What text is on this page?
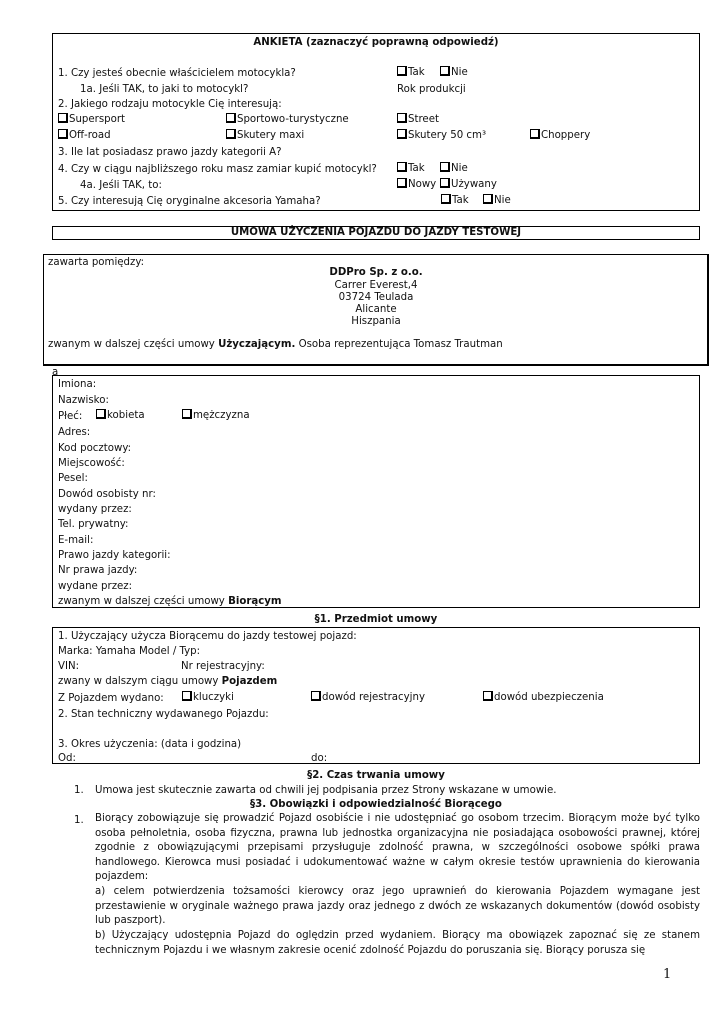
ANKIETA (zaznaczyć poprawną odpowiedź)
1. Czy jesteś obecnie właścicielem motocykla?	Tak	Nie
1a. Jeśli TAK, to jaki to motocykl?	Rok produkcji
2. Jakiego rodzaju motocykle Cię interesują:
Supersport	Sportowo-turystyczne	Street
Off-road	Skutery maxi	Skutery 50 cm³	Choppery
3. Ile lat posiadasz prawo jazdy kategorii A?
4. Czy w ciągu najbliższego roku masz zamiar kupić motocykl?	Tak	Nie
4a. Jeśli TAK, to:	Nowy	Używany
5. Czy interesują Cię oryginalne akcesoria Yamaha?	Tak	Nie
UMOWA UŻYCZENIA POJAZDU DO JAZDY TESTOWEJ
zawarta pomiędzy:
DDPro Sp. z o.o.
Carrer Everest,4
03724 Teulada
Alicante
Hiszpania
zwanym w dalszej części umowy Użyczającym. Osoba reprezentująca Tomasz Trautman
a
Imiona:
Nazwisko:
Płeć:	kobieta	mężczyzna
Adres:
Kod pocztowy:
Miejscowość:
Pesel:
Dowód osobisty nr:
wydany przez:
Tel. prywatny:
E-mail:
Prawo jazdy kategorii:
Nr prawa jazdy:
wydane przez:
zwanym w dalszej części umowy Biorącym
§1. Przedmiot umowy
1. Użyczający użycza Biorącemu do jazdy testowej pojazd:
Marka: Yamaha Model / Typ:
VIN:	Nr rejestracyjny:
zwany w dalszym ciągu umowy Pojazdem
Z Pojazdem wydano:	kluczyki	dowód rejestracyjny	dowód ubezpieczenia
2. Stan techniczny wydawanego Pojazdu:
3. Okres użyczenia: (data i godzina)
Od:	do:
§2. Czas trwania umowy
1. Umowa jest skutecznie zawarta od chwili jej podpisania przez Strony wskazane w umowie.
§3. Obowiązki i odpowiedzialność Biorącego
1. Biorący zobowiązuje się prowadzić Pojazd osobiście i nie udostępniać go osobom trzecim. Biorącym może być tylko osoba pełnoletnia, osoba fizyczna, prawna lub jednostka organizacyjna nie posiadająca osobowości prawnej, której zgodnie z obowiązującymi przepisami przysługuje zdolność prawna, w szczególności osobowe spółki prawa handlowego. Kierowca musi posiadać i udokumentować ważne w całym okresie testów uprawnienia do kierowania pojazdem:
a) celem potwierdzenia tożsamości kierowcy oraz jego uprawnień do kierowania Pojazdem wymagane jest przestawienie w oryginale ważnego prawa jazdy oraz jednego z dwóch ze wskazanych dokumentów (dowód osobisty lub paszport).
b) Użyczający udostępnia Pojazd do oględzin przed wydaniem. Biorący ma obowiązek zapoznać się ze stanem technicznym Pojazdu i we własnym zakresie ocenić zdolność Pojazdu do poruszania się. Biorący porusza się
1
